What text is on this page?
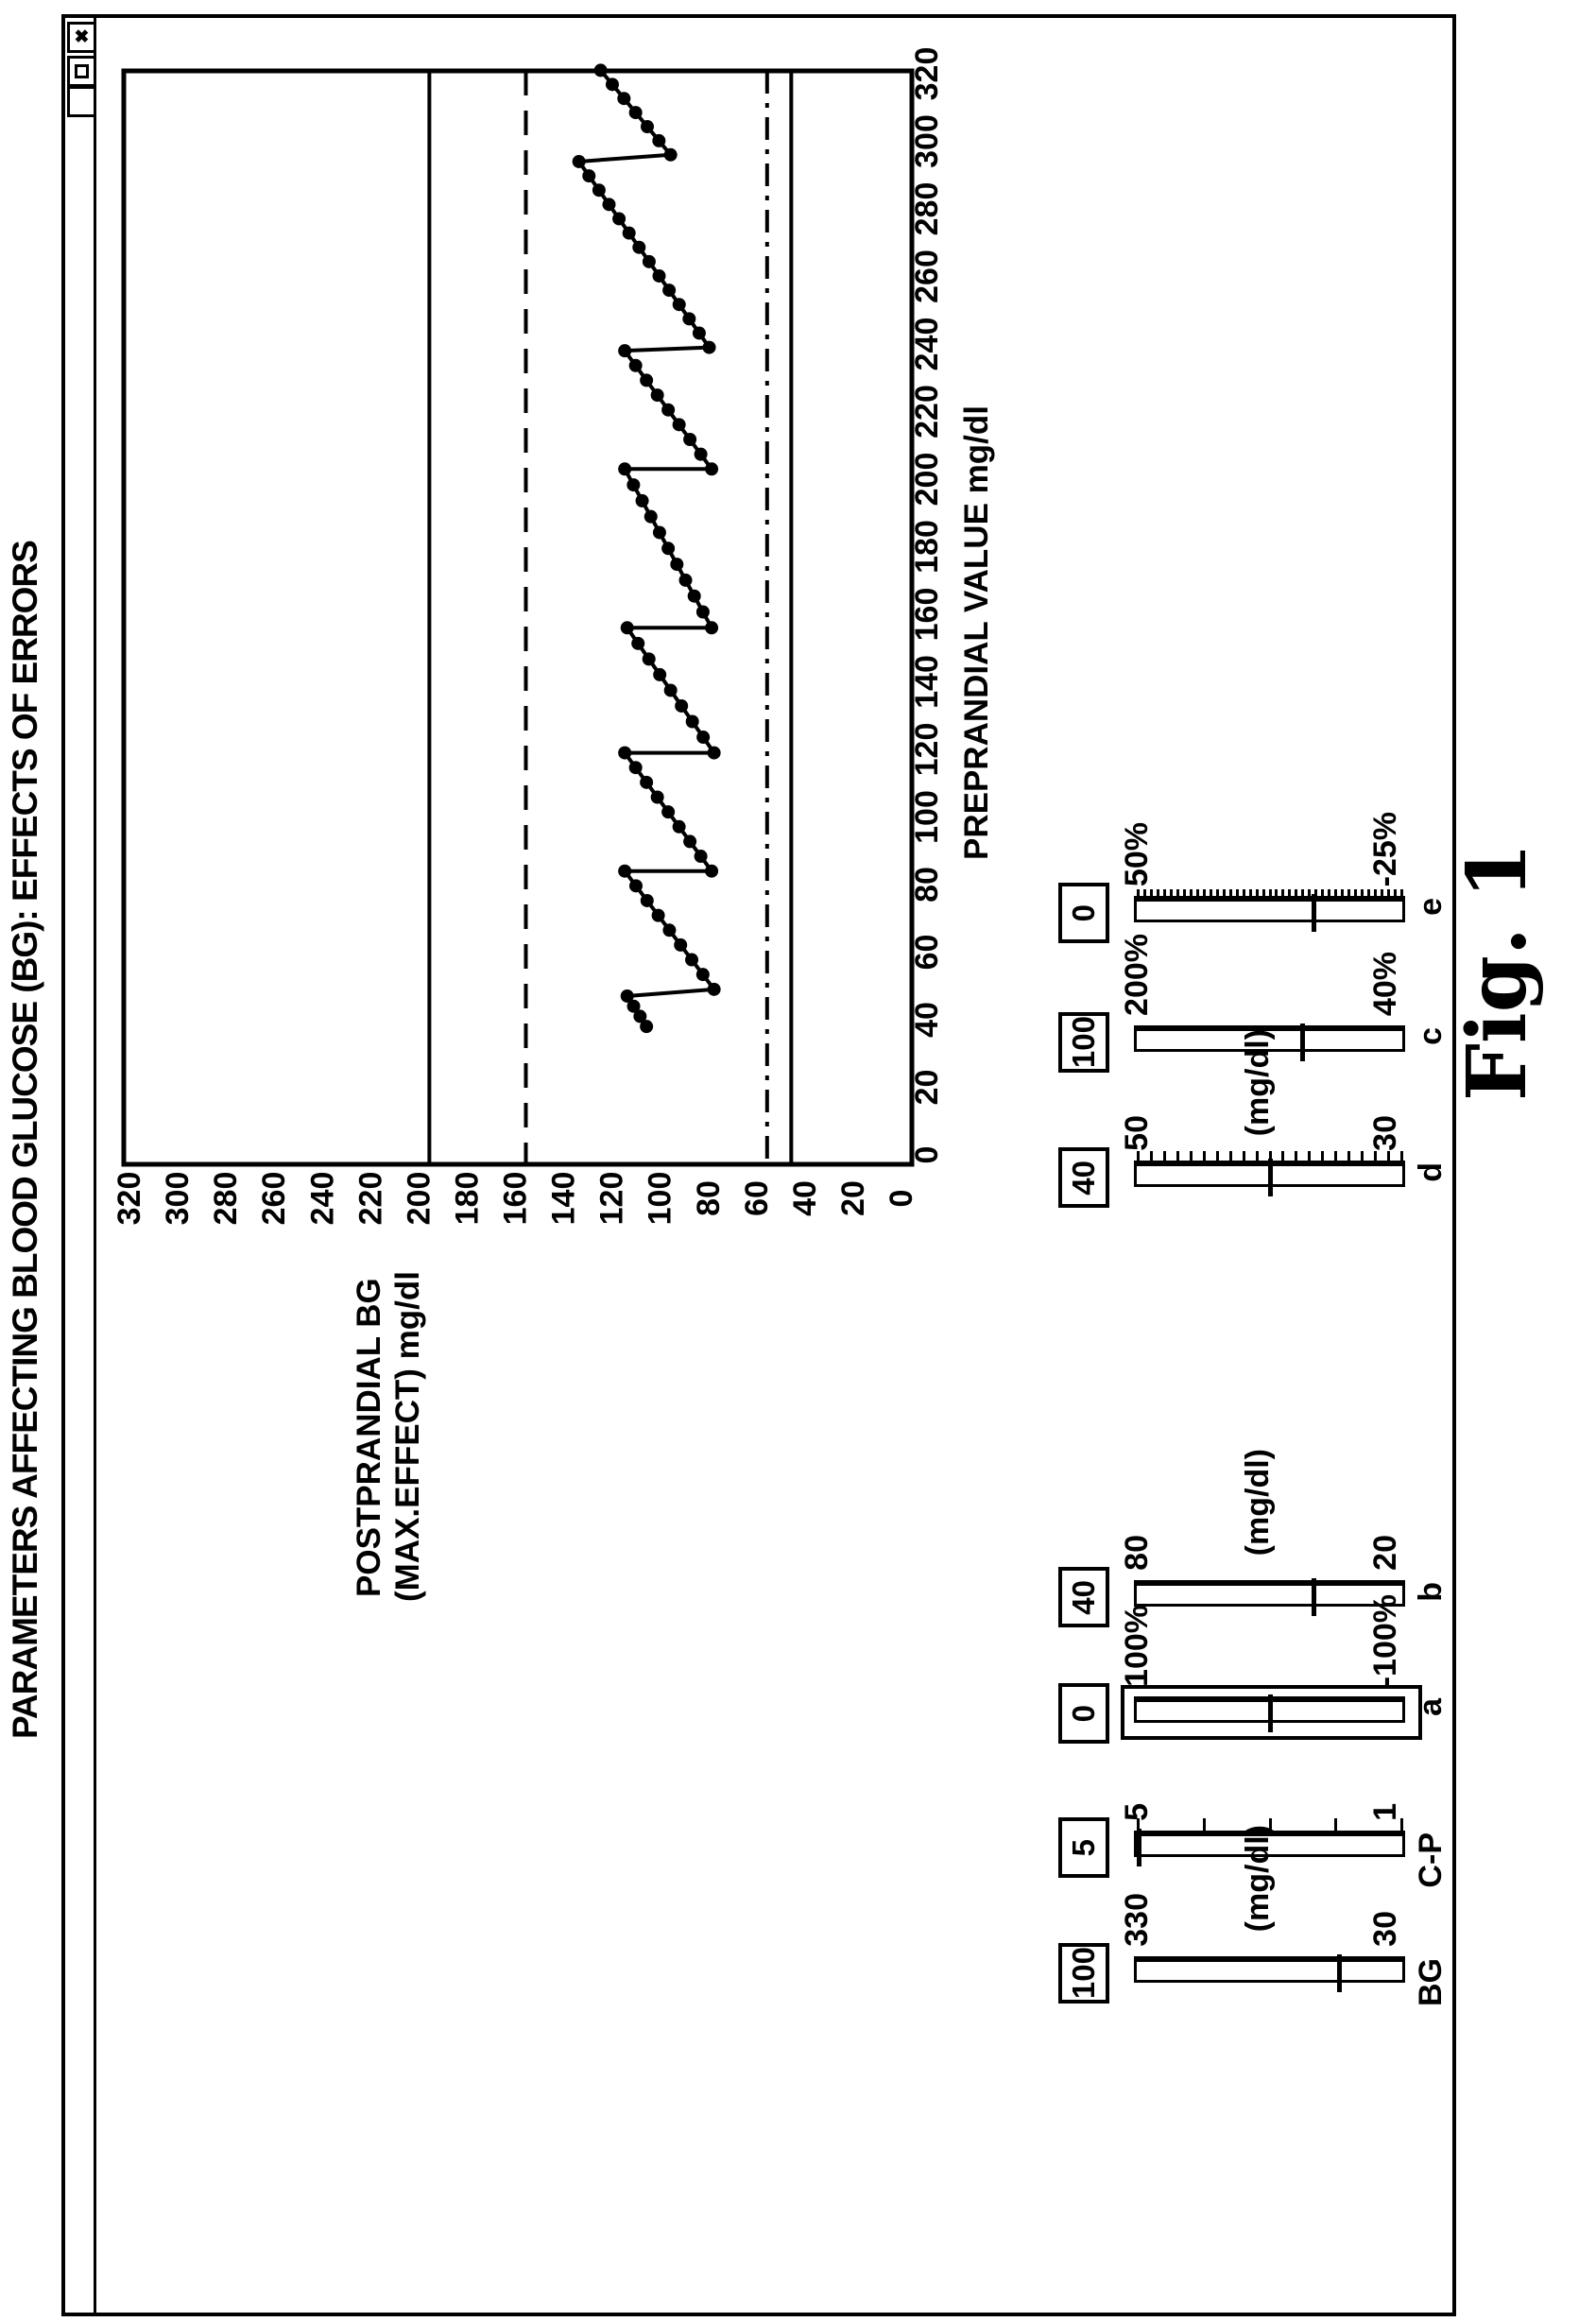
PARAMETERS AFFECTING BLOOD GLUCOSE (BG): EFFECTS OF ERRORS
✖
0
20
40
60
80
100
120
140
160
180
200
220
240
260
280
300
320
0
20
40
60
80
100
120
140
160
180
200
220
240
260
280
300
320
PREPRANDIAL VALUE mg/dl
POSTPRANDIAL BG (MAX.EFFECT) mg/dl
0
50%	-25%
e
100
200%	40%
c
40
50	30
(mg/dl)
d
40
80	20
(mg/dl)
b
0
100%	-100%
a
5
5	1
C-P
100
330	30
(mg/dl)
BG
Fig. 1
